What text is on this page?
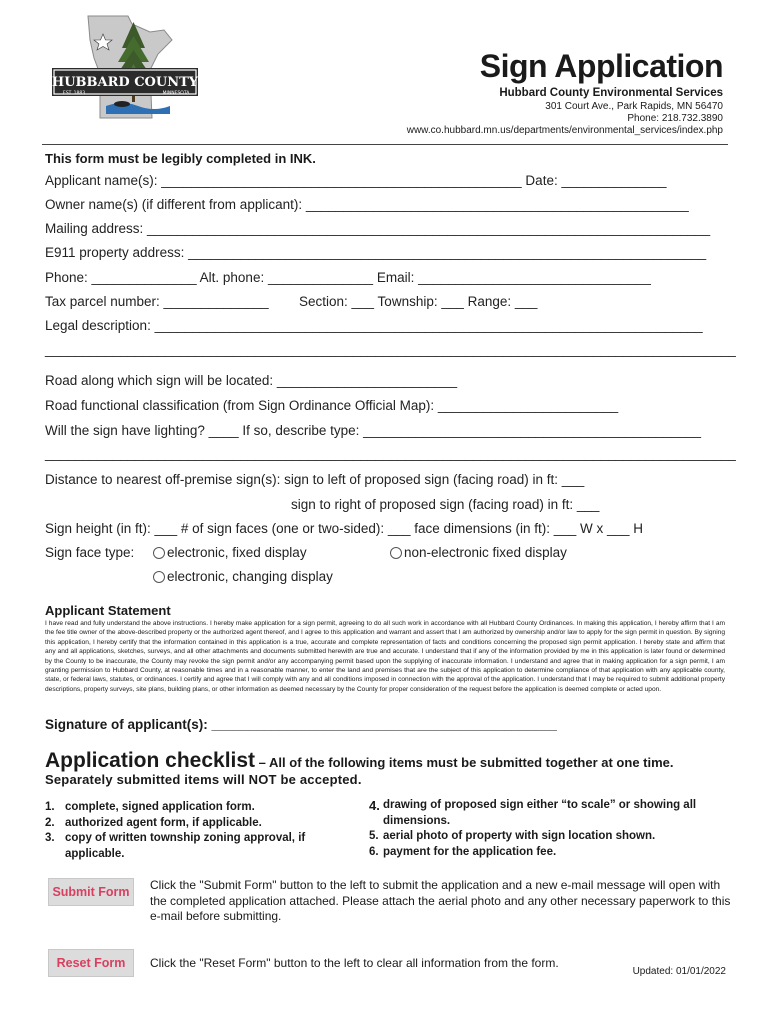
HUBBARD COUNTY
EST. 1883	MINNESOTA
Sign Application
Hubbard County Environmental Services
301 Court Ave., Park Rapids, MN 56470
Phone: 218.732.3890
www.co.hubbard.mn.us/departments/environmental_services/index.php
This form must be legibly completed in INK.
Applicant name(s): ________________________________________________ Date: ______________
Owner name(s) (if different from applicant): ___________________________________________________
Mailing address: ___________________________________________________________________________
E911 property address: _____________________________________________________________________
Phone: ______________ Alt. phone: ______________ Email: _______________________________
Tax parcel number: ______________ Section: ___ Township: ___ Range: ___
Legal description: _________________________________________________________________________
____________________________________________________________________________________________
Road along which sign will be located: ________________________
Road functional classification (from Sign Ordinance Official Map): ________________________
Will the sign have lighting? ____ If so, describe type: _____________________________________________
____________________________________________________________________________________________
Distance to nearest off-premise sign(s): sign to left of proposed sign (facing road) in ft: ___
sign to right of proposed sign (facing road) in ft: ___
Sign height (in ft): ___ # of sign faces (one or two-sided): ___ face dimensions (in ft): ___ W x ___ H
Sign face type:	electronic, fixed display	non-electronic fixed display
electronic, changing display
Applicant Statement
I have read and fully understand the above instructions. I hereby make application for a sign permit, agreeing to do all such work in accordance with all Hubbard County Ordinances. In making this application, I hereby affirm that I am the fee title owner of the above-described property or the authorized agent thereof, and I agree to this application and warrant and assert that I am authorized by ownership and/or law to apply for the sign permit in question. By signing this application, I hereby certify that the information contained in this application is a true, accurate and complete representation of facts and conditions concerning the proposed sign permit application. I hereby state and affirm that any and all applications, sketches, surveys, and all other attachments and documents submitted herewith are true and accurate. I understand that if any of the information provided by me in this application is later found or determined by the County to be inaccurate, the County may revoke the sign permit and/or any accompanying permit based upon the supplying of inaccurate information. I understand and agree that in making application for a sign permit, I am granting permission to Hubbard County, at reasonable times and in a reasonable manner, to enter the land and premises that are the subject of this application to determine compliance of that application with any applicable county, state, or federal laws, statutes, or ordinances. I certify and agree that I will comply with any and all conditions imposed in connection with the approval of the application. I understand that I may be required to submit additional property descriptions, property surveys, site plans, building plans, or other information as deemed necessary by the County for proper consideration of the request before the application is deemed complete or acted upon.
Signature of applicant(s): ______________________________________________
Application checklist – All of the following items must be submitted together at one time.
Separately submitted items will NOT be accepted.
1. complete, signed application form.
2. authorized agent form, if applicable.
3. copy of written township zoning approval, if applicable.
4. drawing of proposed sign either “to scale” or showing all dimensions.
5. aerial photo of property with sign location shown.
6. payment for the application fee.
Submit Form	Click the "Submit Form" button to the left to submit the application and a new e-mail message will open with the completed application attached. Please attach the aerial photo and any other necessary paperwork to this e-mail before submitting.
Reset Form	Click the "Reset Form" button to the left to clear all information from the form.
Updated: 01/01/2022
